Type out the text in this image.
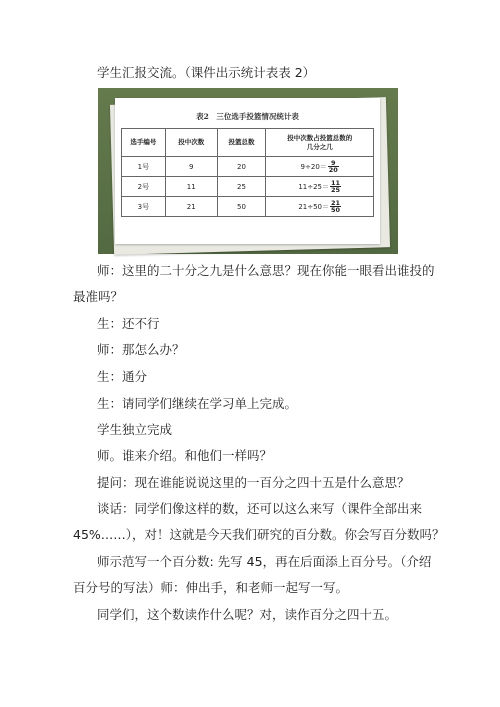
学生汇报交流。（课件出示统计表表 2）
表2　三位选手投篮情况统计表
选手编号	投中次数	投篮总数	投中次数占投篮总数的
几分之几
1号	9	20	$9\div 20= \frac{9}{20}$

2号	11	25	$11\div 25= \frac{11}{25}$

3号	21	50	$21\div 50= \frac{21}{50}$
师：这里的二十分之九是什么意思？现在你能一眼看出谁投的
最准吗？
生：还不行
师：那怎么办？
生：通分
生：请同学们继续在学习单上完成。
学生独立完成
师。谁来介绍。和他们一样吗？
提问：现在谁能说说这里的一百分之四十五是什么意思？
谈话：同学们像这样的数，还可以这么来写（课件全部出来
45%……），对！这就是今天我们研究的百分数。你会写百分数吗？
师示范写一个百分数: 先写 45，再在后面添上百分号。（介绍
百分号的写法）师：伸出手，和老师一起写一写。
同学们，这个数读作什么呢？对，读作百分之四十五。
